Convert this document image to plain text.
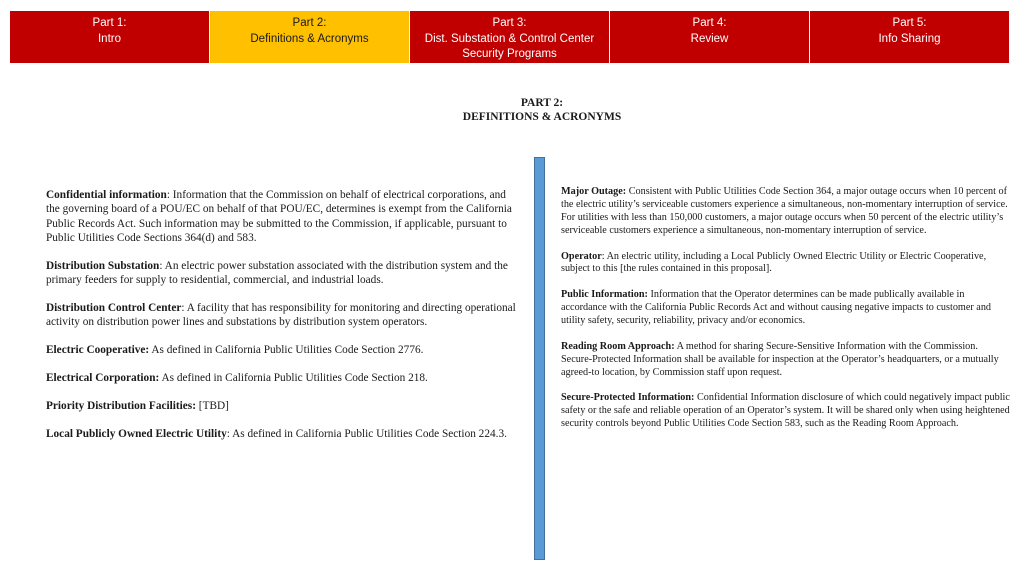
Part 1:
Intro
Part 2:
Definitions & Acronyms
Part 3:
Dist. Substation & Control Center
Security Programs
Part 4:
Review
Part 5:
Info Sharing
PART 2:
DEFINITIONS & ACRONYMS

Confidential information: Information that the Commission on behalf of electrical corporations, and the governing board of a POU/EC on behalf of that POU/EC, determines is exempt from the California Public Records Act. Such information may be submitted to the Commission, if applicable, pursuant to Public Utilities Code Sections 364(d) and 583.

Distribution Substation: An electric power substation associated with the distribution system and the primary feeders for supply to residential, commercial, and industrial loads.

Distribution Control Center: A facility that has responsibility for monitoring and directing operational activity on distribution power lines and substations by distribution system operators.

Electric Cooperative: As defined in California Public Utilities Code Section 2776.

Electrical Corporation: As defined in California Public Utilities Code Section 218.

Priority Distribution Facilities: [TBD]

Local Publicly Owned Electric Utility: As defined in California Public Utilities Code Section 224.3.

Major Outage: Consistent with Public Utilities Code Section 364, a major outage occurs when 10 percent of the electric utility’s serviceable customers experience a simultaneous, non-momentary interruption of service. For utilities with less than 150,000 customers, a major outage occurs when 50 percent of the electric utility’s serviceable customers experience a simultaneous, non-momentary interruption of service.

Operator: An electric utility, including a Local Publicly Owned Electric Utility or Electric Cooperative, subject to this [the rules contained in this proposal].

Public Information: Information that the Operator determines can be made publically available in accordance with the California Public Records Act and without causing negative impacts to customer and utility safety, security, reliability, privacy and/or economics.

Reading Room Approach: A method for sharing Secure-Sensitive Information with the Commission. Secure-Protected Information shall be available for inspection at the Operator’s headquarters, or a mutually agreed-to location, by Commission staff upon request.

Secure-Protected Information: Confidential Information disclosure of which could negatively impact public safety or the safe and reliable operation of an Operator’s system. It will be shared only when using heightened security controls beyond Public Utilities Code Section 583, such as the Reading Room Approach.
